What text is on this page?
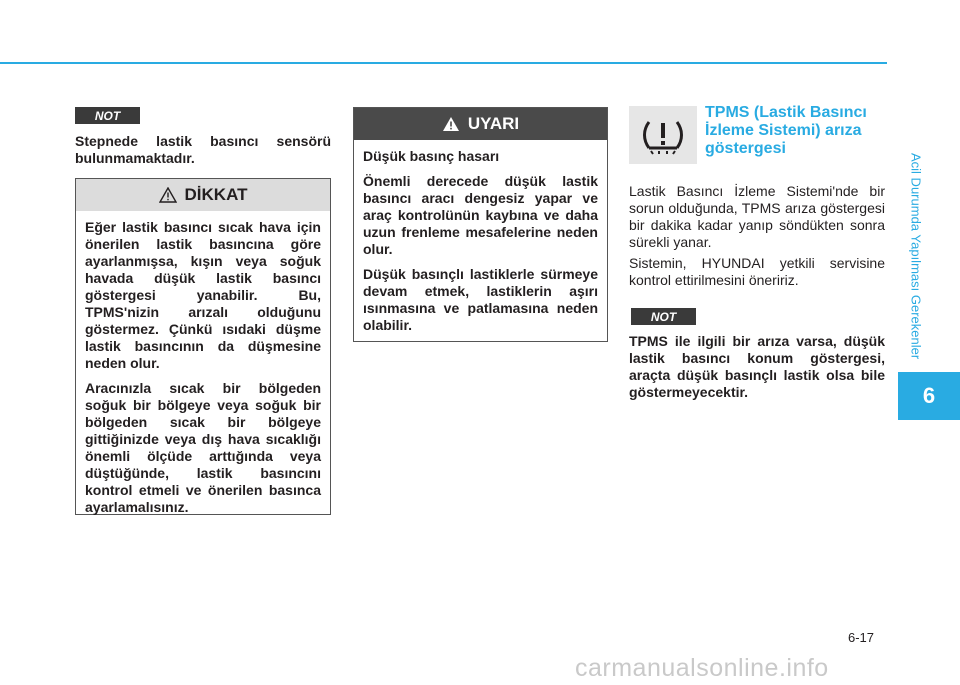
Acil Durumda Yapılması Gerekenler
6
NOT
Stepnede lastik basıncı sensörü bulunmamaktadır.
DİKKAT

Eğer lastik basıncı sıcak hava için önerilen lastik basıncına göre ayarlanmışsa, kışın veya soğuk havada düşük lastik basıncı göstergesi yanabilir. Bu, TPMS'nizin arızalı olduğunu göstermez. Çünkü ısıdaki düşme lastik basıncının da düşmesine neden olur.

Aracınızla sıcak bir bölgeden soğuk bir bölgeye veya soğuk bir bölgeden sıcak bir bölgeye gittiğinizde veya dış hava sıcaklığı önemli ölçüde arttığında veya düştüğünde, lastik basıncını kontrol etmeli ve önerilen basınca ayarlamalısınız.

UYARI

Düşük basınç hasarı

Önemli derecede düşük lastik basıncı aracı dengesiz yapar ve araç kontrolünün kaybına ve daha uzun frenleme mesafelerine neden olur.

Düşük basınçlı lastiklerle sürmeye devam etmek, lastiklerin aşırı ısınmasına ve patlamasına neden olabilir.

TPMS (Lastik Basıncı İzleme Sistemi) arıza göstergesi
Lastik Basıncı İzleme Sistemi'nde bir sorun olduğunda, TPMS arıza göstergesi bir dakika kadar yanıp söndükten sonra sürekli yanar.
Sistemin, HYUNDAI yetkili servisine kontrol ettirilmesini öneririz.
NOT
TPMS ile ilgili bir arıza varsa, düşük lastik basıncı konum göstergesi, araçta düşük basınçlı lastik olsa bile göstermeyecektir.
6-17
carmanualsonline.info
